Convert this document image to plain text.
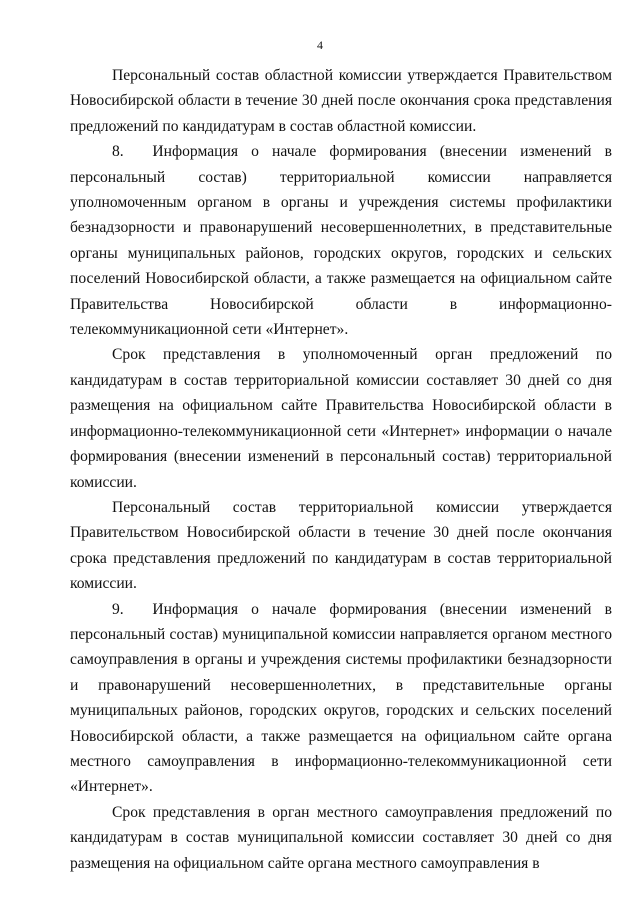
4

Персональный состав областной комиссии утверждается Правительством Новосибирской области в течение 30 дней после окончания срока представления предложений по кандидатурам в состав областной комиссии.

8.  Информация о начале формирования (внесении изменений в персональный состав) территориальной комиссии направляется уполномоченным органом в органы и учреждения системы профилактики безнадзорности и правонарушений несовершеннолетних, в представительные органы муниципальных районов, городских округов, городских и сельских поселений Новосибирской области, а также размещается на официальном сайте Правительства Новосибирской области в информационно-телекоммуникационной сети «Интернет».

Срок представления в уполномоченный орган предложений по кандидатурам в состав территориальной комиссии составляет 30 дней со дня размещения на официальном сайте Правительства Новосибирской области в информационно-телекоммуникационной сети «Интернет» информации о начале формирования (внесении изменений в персональный состав) территориальной комиссии.

Персональный состав территориальной комиссии утверждается Правительством Новосибирской области в течение 30 дней после окончания срока представления предложений по кандидатурам в состав территориальной комиссии.

9.  Информация о начале формирования (внесении изменений в персональный состав) муниципальной комиссии направляется органом местного самоуправления в органы и учреждения системы профилактики безнадзорности и правонарушений несовершеннолетних, в представительные органы муниципальных районов, городских округов, городских и сельских поселений Новосибирской области, а также размещается на официальном сайте органа местного самоуправления в информационно-телекоммуникационной сети «Интернет».

Срок представления в орган местного самоуправления предложений по кандидатурам в состав муниципальной комиссии составляет 30 дней со дня размещения на официальном сайте органа местного самоуправления в
